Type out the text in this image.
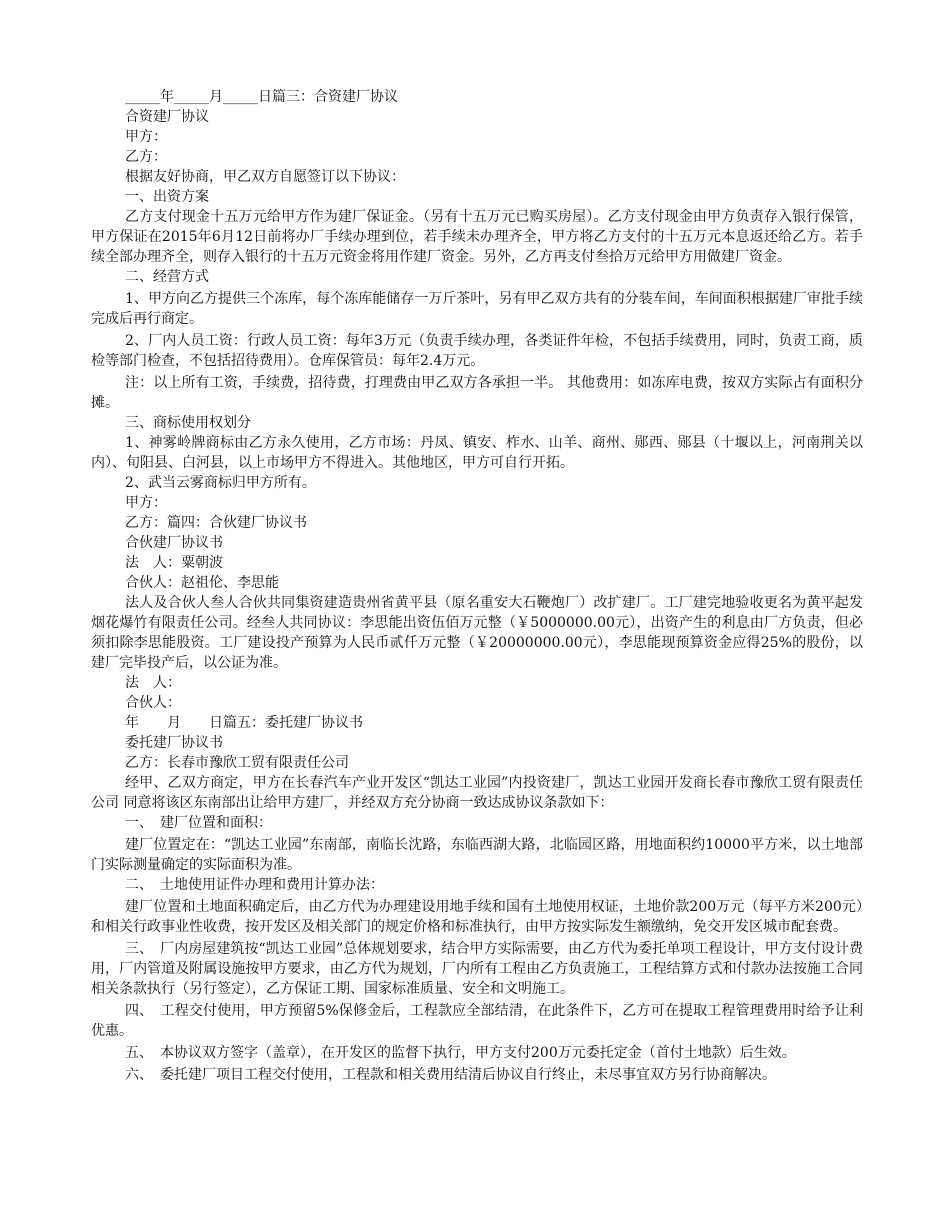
_____年_____月_____日篇三：合资建厂协议

合资建厂协议

甲方：

乙方：

根据友好协商，甲乙双方自愿签订以下协议：

一、出资方案

乙方支付现金十五万元给甲方作为建厂保证金。（另有十五万元已购买房屋）。乙方支付现金由甲方负责存入银行保管，甲方保证在2015年6月12日前将办厂手续办理到位，若手续未办理齐全，甲方将乙方支付的十五万元本息返还给乙方。若手续全部办理齐全，则存入银行的十五万元资金将用作建厂资金。另外，乙方再支付叁拾万元给甲方用做建厂资金。

二、经营方式

1、甲方向乙方提供三个冻库，每个冻库能储存一万斤茶叶，另有甲乙双方共有的分装车间，车间面积根据建厂审批手续完成后再行商定。

2、厂内人员工资：行政人员工资：每年3万元（负责手续办理，各类证件年检，不包括手续费用，同时，负责工商，质检等部门检查，不包括招待费用）。仓库保管员：每年2.4万元。

注：以上所有工资，手续费，招待费，打理费由甲乙双方各承担一半。 其他费用：如冻库电费，按双方实际占有面积分摊。

三、商标使用权划分

1、神雾岭牌商标由乙方永久使用，乙方市场：丹凤、镇安、柞水、山羊、商州、郧西、郧县（十堰以上，河南荆关以内）、旬阳县、白河县，以上市场甲方不得进入。其他地区，甲方可自行开拓。

2、武当云雾商标归甲方所有。

甲方：

乙方：篇四：合伙建厂协议书

合伙建厂协议书

法　人：粟朝波

合伙人：赵祖伦、李思能

法人及合伙人叁人合伙共同集资建造贵州省黄平县（原名重安大石鞭炮厂）改扩建厂。工厂建完地验收更名为黄平起发烟花爆竹有限责任公司。经叁人共同协议：李思能出资伍佰万元整（￥5000000.00元），出资产生的利息由厂方负责，但必须扣除李思能股资。工厂建设投产预算为人民币贰仟万元整（￥20000000.00元），李思能现预算资金应得25%的股份，以建厂完毕投产后，以公证为准。

法　人：

合伙人：

年　　月　　日篇五：委托建厂协议书

委托建厂协议书

乙方：长春市豫欣工贸有限责任公司

经甲、乙双方商定，甲方在长春汽车产业开发区“凯达工业园”内投资建厂，凯达工业园开发商长春市豫欣工贸有限责任公司 同意将该区东南部出让给甲方建厂，并经双方充分协商一致达成协议条款如下：

一、　建厂位置和面积：

建厂位置定在：“凯达工业园”东南部，南临长沈路，东临西湖大路，北临园区路，用地面积约10000平方米，以土地部门实际测量确定的实际面积为准。

二、　土地使用证件办理和费用计算办法：

建厂位置和土地面积确定后，由乙方代为办理建设用地手续和国有土地使用权证，土地价款200万元（每平方米200元）和相关行政事业性收费，按开发区及相关部门的规定价格和标准执行，由甲方按实际发生额缴纳，免交开发区城市配套费。

三、　厂内房屋建筑按“凯达工业园”总体规划要求，结合甲方实际需要，由乙方代为委托单项工程设计，甲方支付设计费用，厂内管道及附属设施按甲方要求，由乙方代为规划，厂内所有工程由乙方负责施工，工程结算方式和付款办法按施工合同相关条款执行（另行签定），乙方保证工期、国家标准质量、安全和文明施工。

四、　工程交付使用，甲方预留5%保修金后，工程款应全部结清，在此条件下，乙方可在提取工程管理费用时给予让利优惠。

五、　本协议双方签字（盖章），在开发区的监督下执行，甲方支付200万元委托定金（首付土地款）后生效。

六、　委托建厂项目工程交付使用，工程款和相关费用结清后协议自行终止，未尽事宜双方另行协商解决。
